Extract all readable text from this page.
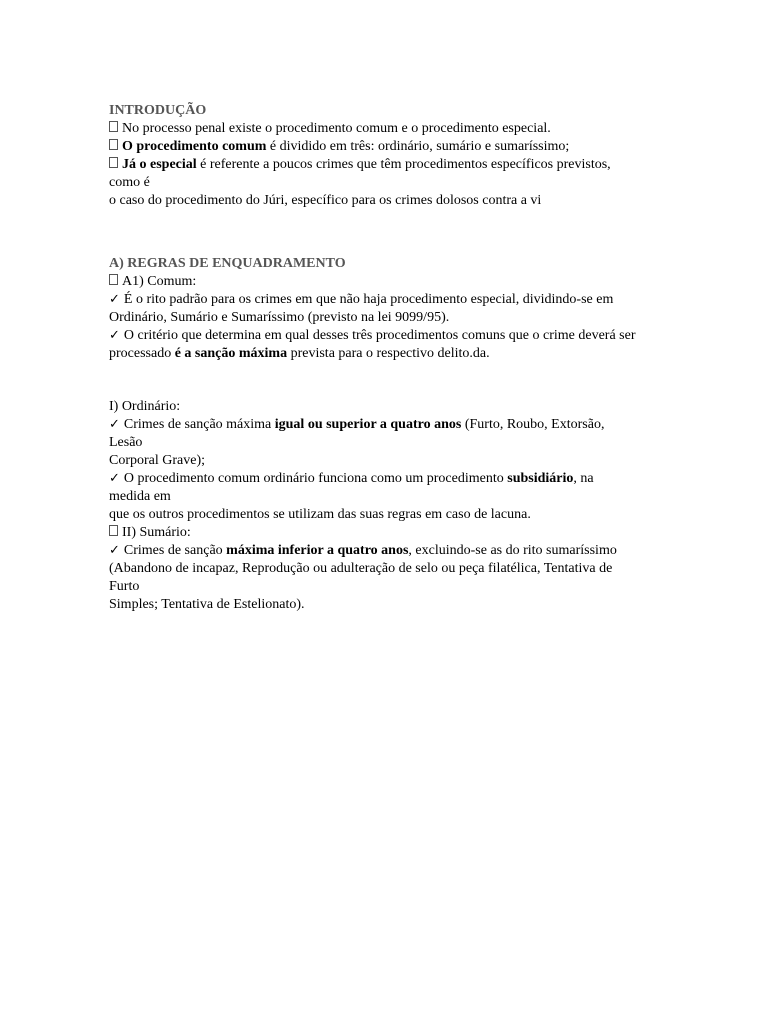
INTRODUÇÃO
No processo penal existe o procedimento comum e o procedimento especial.
O procedimento comum é dividido em três: ordinário, sumário e sumaríssimo;
Já o especial é referente a poucos crimes que têm procedimentos específicos previstos,
como é
o caso do procedimento do Júri, específico para os crimes dolosos contra a vi
A) REGRAS DE ENQUADRAMENTO
A1) Comum:
✓ É o rito padrão para os crimes em que não haja procedimento especial, dividindo-se em
Ordinário, Sumário e Sumaríssimo (previsto na lei 9099/95).
✓ O critério que determina em qual desses três procedimentos comuns que o crime deverá ser
processado é a sanção máxima prevista para o respectivo delito.da.
I) Ordinário:
✓ Crimes de sanção máxima igual ou superior a quatro anos (Furto, Roubo, Extorsão,
Lesão
Corporal Grave);
✓ O procedimento comum ordinário funciona como um procedimento subsidiário, na
medida em
que os outros procedimentos se utilizam das suas regras em caso de lacuna.
II) Sumário:
✓ Crimes de sanção máxima inferior a quatro anos, excluindo-se as do rito sumaríssimo
(Abandono de incapaz, Reprodução ou adulteração de selo ou peça filatélica, Tentativa de
Furto
Simples; Tentativa de Estelionato).
